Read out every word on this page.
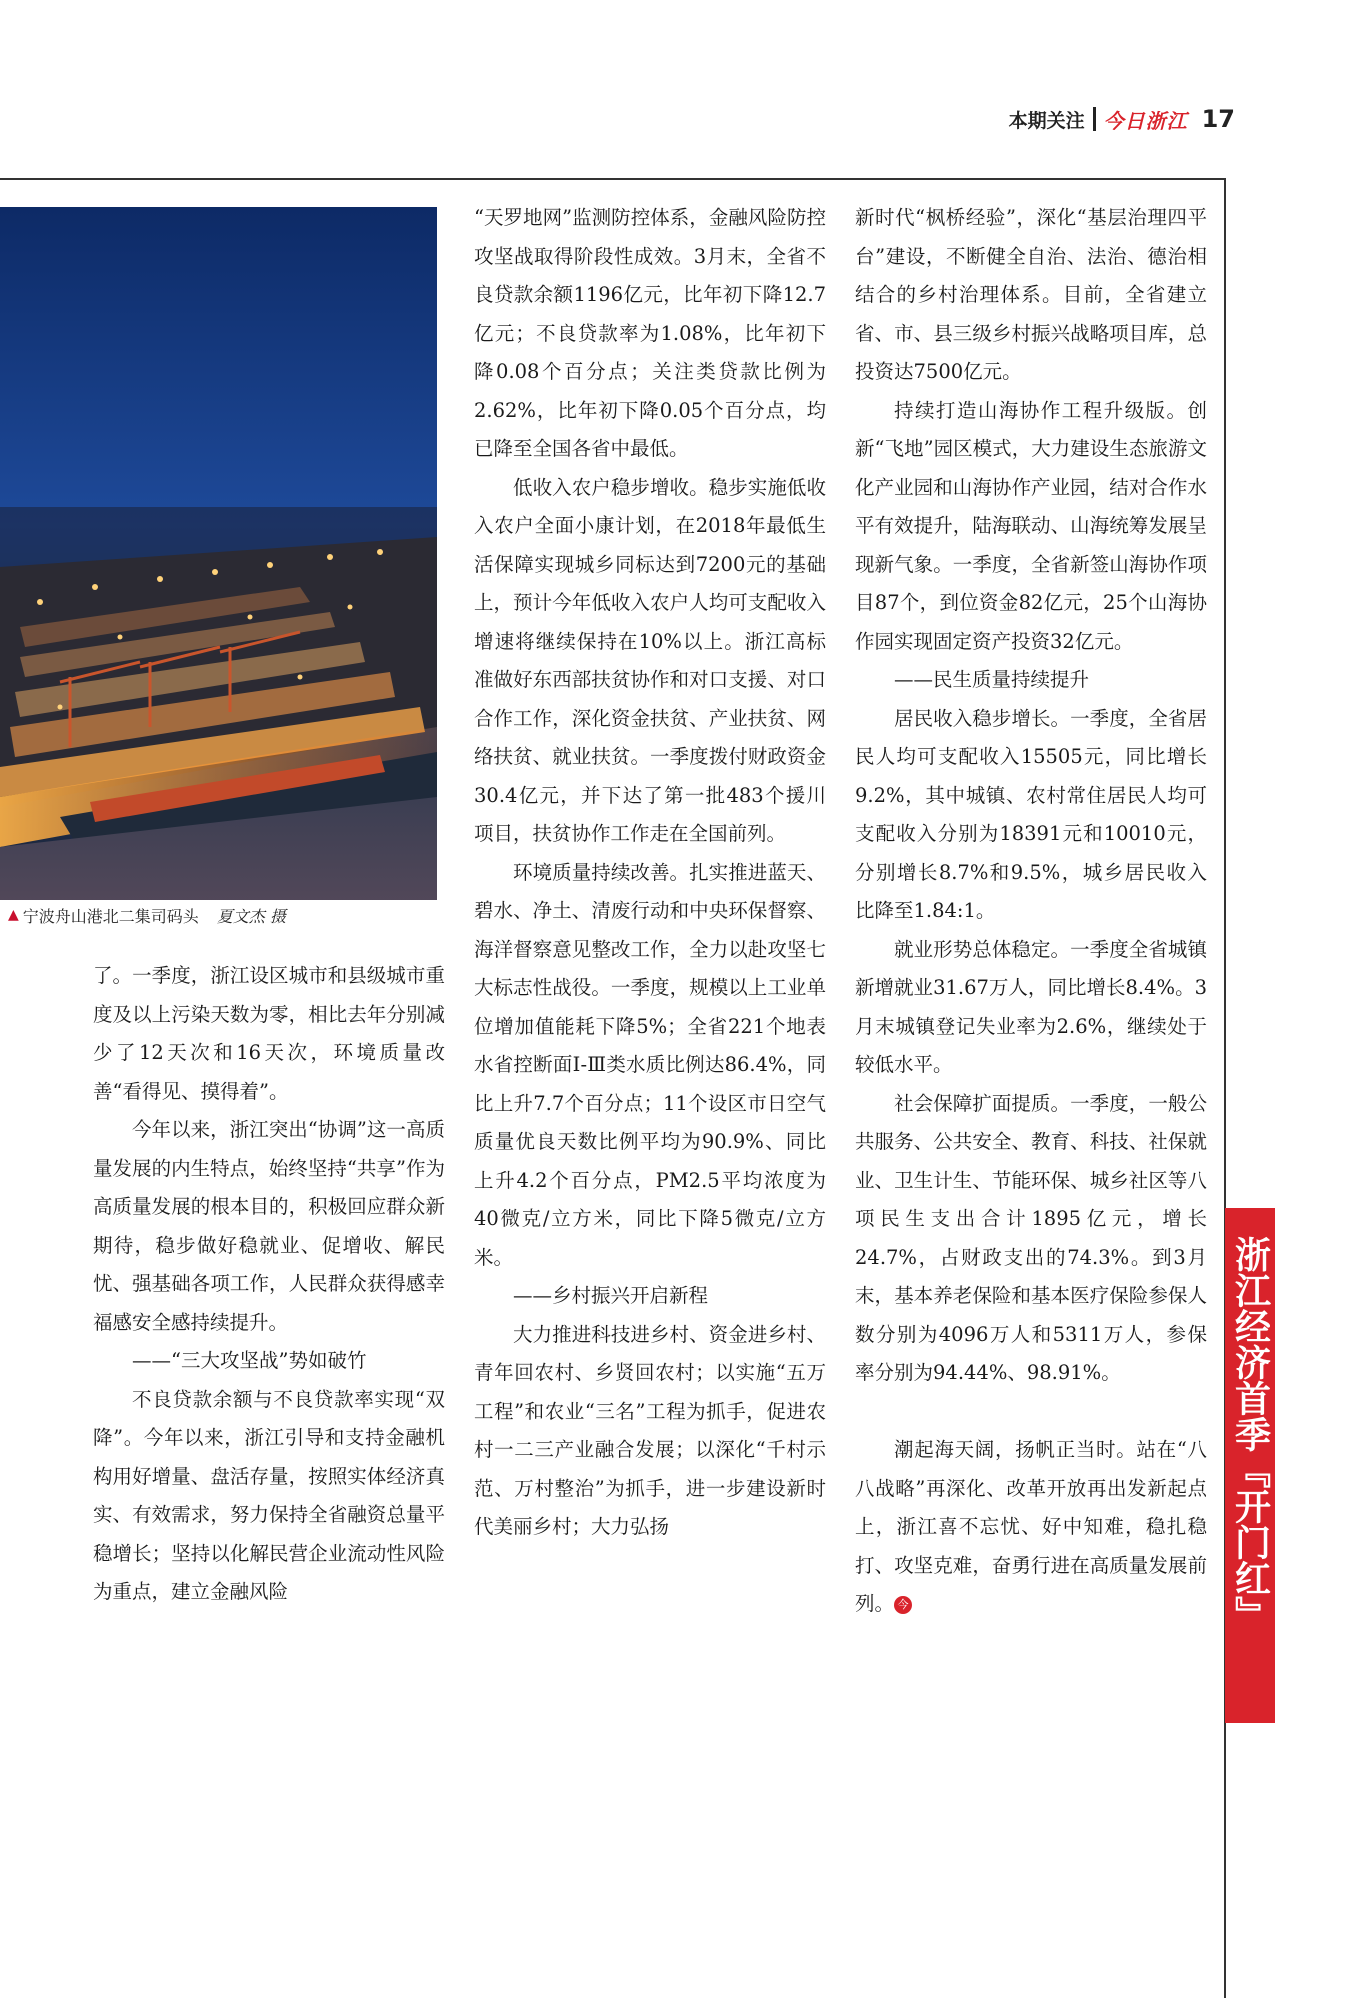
本期关注 今日浙江 17
▲ 宁波舟山港北二集司码头 夏文杰 摄

了。一季度，浙江设区城市和县级城市重度及以上污染天数为零，相比去年分别减少了12天次和16天次，环境质量改善“看得见、摸得着”。

今年以来，浙江突出“协调”这一高质量发展的内生特点，始终坚持“共享”作为高质量发展的根本目的，积极回应群众新期待，稳步做好稳就业、促增收、解民忧、强基础各项工作，人民群众获得感幸福感安全感持续提升。

——“三大攻坚战”势如破竹

不良贷款余额与不良贷款率实现“双降”。今年以来，浙江引导和支持金融机构用好增量、盘活存量，按照实体经济真实、有效需求，努力保持全省融资总量平稳增长；坚持以化解民营企业流动性风险为重点，建立金融风险

“天罗地网”监测防控体系，金融风险防控攻坚战取得阶段性成效。3月末，全省不良贷款余额1196亿元，比年初下降12.7亿元；不良贷款率为1.08%，比年初下降0.08个百分点；关注类贷款比例为2.62%，比年初下降0.05个百分点，均已降至全国各省中最低。

低收入农户稳步增收。稳步实施低收入农户全面小康计划，在2018年最低生活保障实现城乡同标达到7200元的基础上，预计今年低收入农户人均可支配收入增速将继续保持在10%以上。浙江高标准做好东西部扶贫协作和对口支援、对口合作工作，深化资金扶贫、产业扶贫、网络扶贫、就业扶贫。一季度拨付财政资金30.4亿元，并下达了第一批483个援川项目，扶贫协作工作走在全国前列。

环境质量持续改善。扎实推进蓝天、碧水、净土、清废行动和中央环保督察、海洋督察意见整改工作，全力以赴攻坚七大标志性战役。一季度，规模以上工业单位增加值能耗下降5%；全省221个地表水省控断面Ⅰ-Ⅲ类水质比例达86.4%，同比上升7.7个百分点；11个设区市日空气质量优良天数比例平均为90.9%、同比上升4.2个百分点，PM2.5平均浓度为40微克/立方米，同比下降5微克/立方米。

——乡村振兴开启新程

大力推进科技进乡村、资金进乡村、青年回农村、乡贤回农村；以实施“五万工程”和农业“三名”工程为抓手，促进农村一二三产业融合发展；以深化“千村示范、万村整治”为抓手，进一步建设新时代美丽乡村；大力弘扬

新时代“枫桥经验”，深化“基层治理四平台”建设，不断健全自治、法治、德治相结合的乡村治理体系。目前，全省建立省、市、县三级乡村振兴战略项目库，总投资达7500亿元。

持续打造山海协作工程升级版。创新“飞地”园区模式，大力建设生态旅游文化产业园和山海协作产业园，结对合作水平有效提升，陆海联动、山海统筹发展呈现新气象。一季度，全省新签山海协作项目87个，到位资金82亿元，25个山海协作园实现固定资产投资32亿元。

——民生质量持续提升

居民收入稳步增长。一季度，全省居民人均可支配收入15505元，同比增长9.2%，其中城镇、农村常住居民人均可支配收入分别为18391元和10010元，分别增长8.7%和9.5%，城乡居民收入比降至1.84:1。

就业形势总体稳定。一季度全省城镇新增就业31.67万人，同比增长8.4%。3月末城镇登记失业率为2.6%，继续处于较低水平。

社会保障扩面提质。一季度，一般公共服务、公共安全、教育、科技、社保就业、卫生计生、节能环保、城乡社区等八项民生支出合计1895亿元，增长24.7%，占财政支出的74.3%。到3月末，基本养老保险和基本医疗保险参保人数分别为4096万人和5311万人，参保率分别为94.44%、98.91%。

潮起海天阔，扬帆正当时。站在“八八战略”再深化、改革开放再出发新起点上，浙江喜不忘忧、好中知难，稳扎稳打、攻坚克难，奋勇行进在高质量发展前列。 今	浙江经济首季『开门红』
